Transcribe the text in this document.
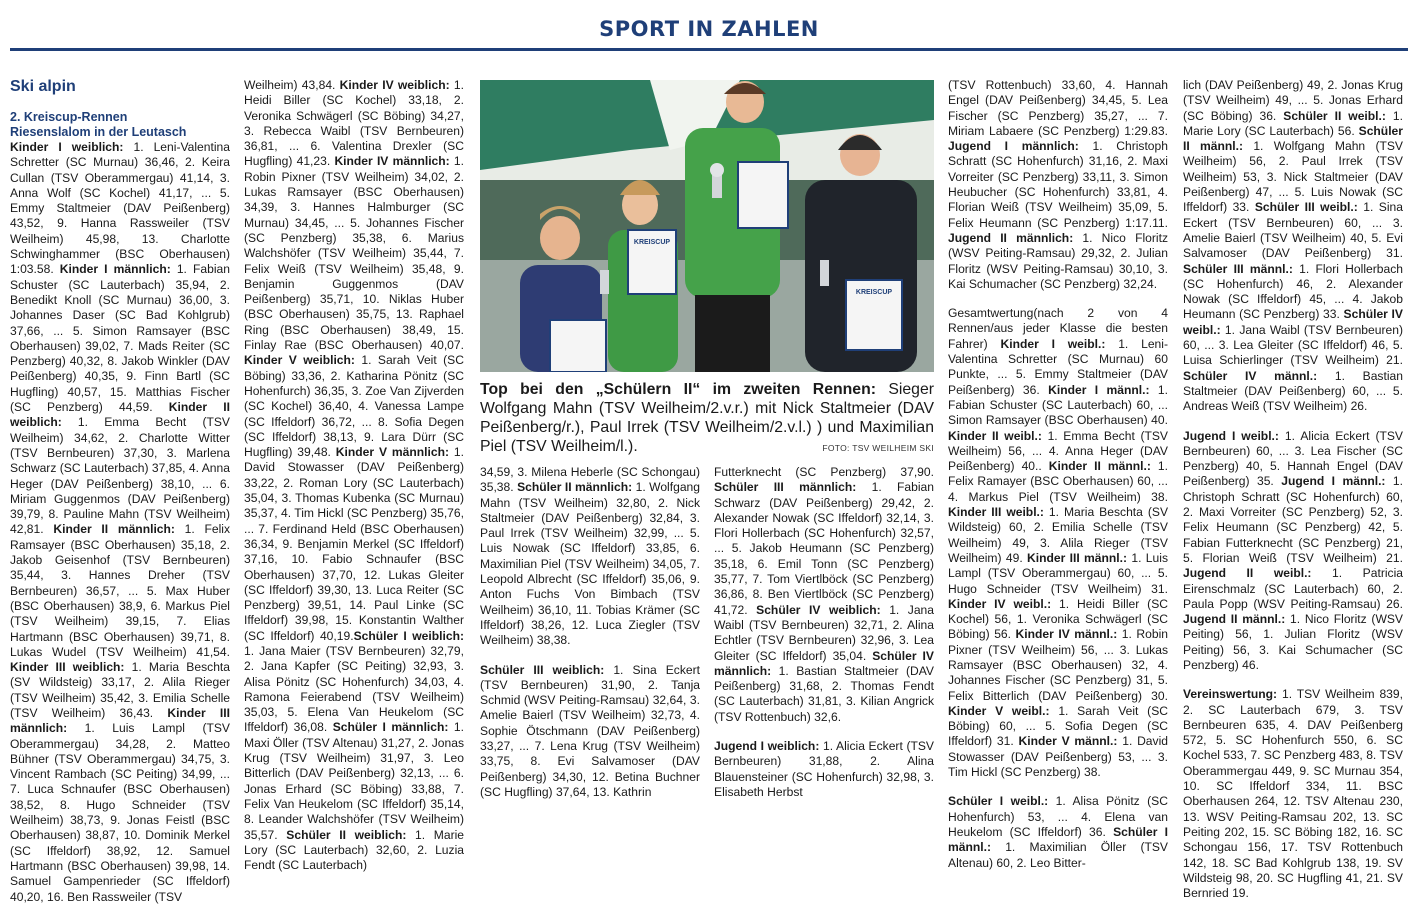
SPORT IN ZAHLEN
Ski alpin
2. Kreiscup-Rennen
Riesenslalom in der Leutasch

Kinder I weiblich: 1. Leni-Valentina Schretter (SC Murnau) 36,46, 2. Keira Cullan (TSV Oberammergau) 41,14, 3. Anna Wolf (SC Kochel) 41,17, ... 5. Emmy Staltmeier (DAV Peißenberg) 43,52, 9. Hanna Rassweiler (TSV Weilheim) 45,98, 13. Charlotte Schwinghammer (BSC Oberhausen) 1:03.58. Kinder I männlich: 1. Fabian Schuster (SC Lauterbach) 35,94, 2. Benedikt Knoll (SC Murnau) 36,00, 3. Johannes Daser (SC Bad Kohlgrub) 37,66, ... 5. Simon Ramsayer (BSC Oberhausen) 39,02, 7. Mads Reiter (SC Penzberg) 40,32, 8. Jakob Winkler (DAV Peißenberg) 40,35, 9. Finn Bartl (SC Hugfling) 40,57, 15. Matthias Fischer (SC Penzberg) 44,59. Kinder II weiblich: 1. Emma Becht (TSV Weilheim) 34,62, 2. Charlotte Witter (TSV Bernbeuren) 37,30, 3. Marlena Schwarz (SC Lauterbach) 37,85, 4. Anna Heger (DAV Peißenberg) 38,10, ... 6. Miriam Guggenmos (DAV Peißenberg) 39,79, 8. Pauline Mahn (TSV Weilheim) 42,81. Kinder II männlich: 1. Felix Ramsayer (BSC Oberhausen) 35,18, 2. Jakob Geisenhof (TSV Bernbeuren) 35,44, 3. Hannes Dreher (TSV Bernbeuren) 36,57, ... 5. Max Huber (BSC Oberhausen) 38,9, 6. Markus Piel (TSV Weilheim) 39,15, 7. Elias Hartmann (BSC Oberhausen) 39,71, 8. Lukas Wudel (TSV Weilheim) 41,54. Kinder III weiblich: 1. Maria Beschta (SV Wildsteig) 33,17, 2. Alila Rieger (TSV Weilheim) 35,42, 3. Emilia Schelle (TSV Weilheim) 36,43. Kinder III männlich: 1. Luis Lampl (TSV Oberammergau) 34,28, 2. Matteo Bühner (TSV Oberammergau) 34,75, 3. Vincent Rambach (SC Peiting) 34,99, ... 7. Luca Schnaufer (BSC Oberhausen) 38,52, 8. Hugo Schneider (TSV Weilheim) 38,73, 9. Jonas Feistl (BSC Oberhausen) 38,87, 10. Dominik Merkel (SC Iffeldorf) 38,92, 12. Samuel Hartmann (BSC Oberhausen) 39,98, 14. Samuel Gampenrieder (SC Iffeldorf) 40,20, 16. Ben Rassweiler (TSV

Weilheim) 43,84. Kinder IV weiblich: 1. Heidi Biller (SC Kochel) 33,18, 2. Veronika Schwägerl (SC Böbing) 34,27, 3. Rebecca Waibl (TSV Bernbeuren) 36,81, ... 6. Valentina Drexler (SC Hugfling) 41,23. Kinder IV männlich: 1. Robin Pixner (TSV Weilheim) 34,02, 2. Lukas Ramsayer (BSC Oberhausen) 34,39, 3. Hannes Halmburger (SC Murnau) 34,45, ... 5. Johannes Fischer (SC Penzberg) 35,38, 6. Marius Walchshöfer (TSV Weilheim) 35,44, 7. Felix Weiß (TSV Weilheim) 35,48, 9. Benjamin Guggenmos (DAV Peißenberg) 35,71, 10. Niklas Huber (BSC Oberhausen) 35,75, 13. Raphael Ring (BSC Oberhausen) 38,49, 15. Finlay Rae (BSC Oberhausen) 40,07. Kinder V weiblich: 1. Sarah Veit (SC Böbing) 33,36, 2. Katharina Pönitz (SC Hohenfurch) 36,35, 3. Zoe Van Zijverden (SC Kochel) 36,40, 4. Vanessa Lampe (SC Iffeldorf) 36,72, ... 8. Sofia Degen (SC Iffeldorf) 38,13, 9. Lara Dürr (SC Hugfling) 39,48. Kinder V männlich: 1. David Stowasser (DAV Peißenberg) 33,22, 2. Roman Lory (SC Lauterbach) 35,04, 3. Thomas Kubenka (SC Murnau) 35,37, 4. Tim Hickl (SC Penzberg) 35,76, ... 7. Ferdinand Held (BSC Oberhausen) 36,34, 9. Benjamin Merkel (SC Iffeldorf) 37,16, 10. Fabio Schnaufer (BSC Oberhausen) 37,70, 12. Lukas Gleiter (SC Iffeldorf) 39,30, 13. Luca Reiter (SC Penzberg) 39,51, 14. Paul Linke (SC Iffeldorf) 39,98, 15. Konstantin Walther (SC Iffeldorf) 40,19.Schüler I weiblich: 1. Jana Maier (TSV Bernbeuren) 32,79, 2. Jana Kapfer (SC Peiting) 32,93, 3. Alisa Pönitz (SC Hohenfurch) 34,03, 4. Ramona Feierabend (TSV Weilheim) 35,03, 5. Elena Van Heukelom (SC Iffeldorf) 36,08. Schüler I männlich: 1. Maxi Öller (TSV Altenau) 31,27, 2. Jonas Krug (TSV Weilheim) 31,97, 3. Leo Bitterlich (DAV Peißenberg) 32,13, ... 6. Jonas Erhard (SC Böbing) 33,88, 7. Felix Van Heukelom (SC Iffeldorf) 35,14, 8. Leander Walchshöfer (TSV Weilheim) 35,57. Schüler II weiblich: 1. Marie Lory (SC Lauterbach) 32,60, 2. Luzia Fendt (SC Lauterbach)

KREISCUP
KREISCUP
Top bei den „Schülern II“ im zweiten Rennen: Sieger Wolfgang Mahn (TSV Weilheim/2.v.r.) mit Nick Staltmeier (DAV Peißenberg/r.), Paul Irrek (TSV Weilheim/2.v.l.) ) und Maximilian Piel (TSV Weilheim/l.).	FOTO: TSV WEILHEIM SKI

34,59, 3. Milena Heberle (SC Schongau) 35,38. Schüler II männlich: 1. Wolfgang Mahn (TSV Weilheim) 32,80, 2. Nick Staltmeier (DAV Peißenberg) 32,84, 3. Paul Irrek (TSV Weilheim) 32,99, ... 5. Luis Nowak (SC Iffeldorf) 33,85, 6. Maximilian Piel (TSV Weilheim) 34,05, 7. Leopold Albrecht (SC Iffeldorf) 35,06, 9. Anton Fuchs Von Bimbach (TSV Weilheim) 36,10, 11. Tobias Krämer (SC Iffeldorf) 38,26, 12. Luca Ziegler (TSV Weilheim) 38,38.

Schüler III weiblich: 1. Sina Eckert (TSV Bernbeuren) 31,90, 2. Tanja Schmid (WSV Peiting-Ramsau) 32,64, 3. Amelie Baierl (TSV Weilheim) 32,73, 4. Sophie Ötschmann (DAV Peißenberg) 33,27, ... 7. Lena Krug (TSV Weilheim) 33,75, 8. Evi Salvamoser (DAV Peißenberg) 34,30, 12. Betina Buchner (SC Hugfling) 37,64, 13. Kathrin

Futterknecht (SC Penzberg) 37,90. Schüler III männlich: 1. Fabian Schwarz (DAV Peißenberg) 29,42, 2. Alexander Nowak (SC Iffeldorf) 32,14, 3. Flori Hollerbach (SC Hohenfurch) 32,57, ... 5. Jakob Heumann (SC Penzberg) 35,18, 6. Emil Tonn (SC Penzberg) 35,77, 7. Tom Viertlböck (SC Penzberg) 36,86, 8. Ben Viertlböck (SC Penzberg) 41,72. Schüler IV weiblich: 1. Jana Waibl (TSV Bernbeuren) 32,71, 2. Alina Echtler (TSV Bernbeuren) 32,96, 3. Lea Gleiter (SC Iffeldorf) 35,04. Schüler IV männlich: 1. Bastian Staltmeier (DAV Peißenberg) 31,68, 2. Thomas Fendt (SC Lauterbach) 31,81, 3. Kilian Angrick (TSV Rottenbuch) 32,6.

Jugend I weiblich: 1. Alicia Eckert (TSV Bernbeuren) 31,88, 2. Alina Blauensteiner (SC Hohenfurch) 32,98, 3. Elisabeth Herbst

(TSV Rottenbuch) 33,60, 4. Hannah Engel (DAV Peißenberg) 34,45, 5. Lea Fischer (SC Penzberg) 35,27, ... 7. Miriam Labaere (SC Penzberg) 1:29.83. Jugend I männlich: 1. Christoph Schratt (SC Hohenfurch) 31,16, 2. Maxi Vorreiter (SC Penzberg) 33,11, 3. Simon Heubucher (SC Hohenfurch) 33,81, 4. Florian Weiß (TSV Weilheim) 35,09, 5. Felix Heumann (SC Penzberg) 1:17.11. Jugend II männlich: 1. Nico Floritz (WSV Peiting-Ramsau) 29,32, 2. Julian Floritz (WSV Peiting-Ramsau) 30,10, 3. Kai Schumacher (SC Penzberg) 32,24.

Gesamtwertung(nach 2 von 4 Rennen/aus jeder Klasse die besten Fahrer) Kinder I weibl.: 1. Leni-Valentina Schretter (SC Murnau) 60 Punkte, ... 5. Emmy Staltmeier (DAV Peißenberg) 36. Kinder I männl.: 1. Fabian Schuster (SC Lauterbach) 60, ... Simon Ramsayer (BSC Oberhausen) 40. Kinder II weibl.: 1. Emma Becht (TSV Weilheim) 56, ... 4. Anna Heger (DAV Peißenberg) 40.. Kinder II männl.: 1. Felix Ramayer (BSC Oberhausen) 60, ... 4. Markus Piel (TSV Weilheim) 38. Kinder III weibl.: 1. Maria Beschta (SV Wildsteig) 60, 2. Emilia Schelle (TSV Weilheim) 49, 3. Alila Rieger (TSV Weilheim) 49. Kinder III männl.: 1. Luis Lampl (TSV Oberammergau) 60, ... 5. Hugo Schneider (TSV Weilheim) 31. Kinder IV weibl.: 1. Heidi Biller (SC Kochel) 56, 1. Veronika Schwägerl (SC Böbing) 56. Kinder IV männl.: 1. Robin Pixner (TSV Weilheim) 56, ... 3. Lukas Ramsayer (BSC Oberhausen) 32, 4. Johannes Fischer (SC Penzberg) 31, 5. Felix Bitterlich (DAV Peißenberg) 30. Kinder V weibl.: 1. Sarah Veit (SC Böbing) 60, ... 5. Sofia Degen (SC Iffeldorf) 31. Kinder V männl.: 1. David Stowasser (DAV Peißenberg) 53, ... 3. Tim Hickl (SC Penzberg) 38.

Schüler I weibl.: 1. Alisa Pönitz (SC Hohenfurch) 53, ... 4. Elena van Heukelom (SC Iffeldorf) 36. Schüler I männl.: 1. Maximilian Öller (TSV Altenau) 60, 2. Leo Bitter-

lich (DAV Peißenberg) 49, 2. Jonas Krug (TSV Weilheim) 49, ... 5. Jonas Erhard (SC Böbing) 36. Schüler II weibl.: 1. Marie Lory (SC Lauterbach) 56. Schüler II männl.: 1. Wolfgang Mahn (TSV Weilheim) 56, 2. Paul Irrek (TSV Weilheim) 53, 3. Nick Staltmeier (DAV Peißenberg) 47, ... 5. Luis Nowak (SC Iffeldorf) 33. Schüler III weibl.: 1. Sina Eckert (TSV Bernbeuren) 60, ... 3. Amelie Baierl (TSV Weilheim) 40, 5. Evi Salvamoser (DAV Peißenberg) 31. Schüler III männl.: 1. Flori Hollerbach (SC Hohenfurch) 46, 2. Alexander Nowak (SC Iffeldorf) 45, ... 4. Jakob Heumann (SC Penzberg) 33. Schüler IV weibl.: 1. Jana Waibl (TSV Bernbeuren) 60, ... 3. Lea Gleiter (SC Iffeldorf) 46, 5. Luisa Schierlinger (TSV Weilheim) 21. Schüler IV männl.: 1. Bastian Staltmeier (DAV Peißenberg) 60, ... 5. Andreas Weiß (TSV Weilheim) 26.

Jugend I weibl.: 1. Alicia Eckert (TSV Bernbeuren) 60, ... 3. Lea Fischer (SC Penzberg) 40, 5. Hannah Engel (DAV Peißenberg) 35. Jugend I männl.: 1. Christoph Schratt (SC Hohenfurch) 60, 2. Maxi Vorreiter (SC Penzberg) 52, 3. Felix Heumann (SC Penzberg) 42, 5. Fabian Futterknecht (SC Penzberg) 21, 5. Florian Weiß (TSV Weilheim) 21. Jugend II weibl.: 1. Patricia Eirenschmalz (SC Lauterbach) 60, 2. Paula Popp (WSV Peiting-Ramsau) 26. Jugend II männl.: 1. Nico Floritz (WSV Peiting) 56, 1. Julian Floritz (WSV Peiting) 56, 3. Kai Schumacher (SC Penzberg) 46.

Vereinswertung: 1. TSV Weilheim 839, 2. SC Lauterbach 679, 3. TSV Bernbeuren 635, 4. DAV Peißenberg 572, 5. SC Hohenfurch 550, 6. SC Kochel 533, 7. SC Penzberg 483, 8. TSV Oberammergau 449, 9. SC Murnau 354, 10. SC Iffeldorf 334, 11. BSC Oberhausen 264, 12. TSV Altenau 230, 13. WSV Peiting-Ramsau 202, 13. SC Peiting 202, 15. SC Böbing 182, 16. SC Schongau 156, 17. TSV Rottenbuch 142, 18. SC Bad Kohlgrub 138, 19. SV Wildsteig 98, 20. SC Hugfling 41, 21. SV Bernried 19.
